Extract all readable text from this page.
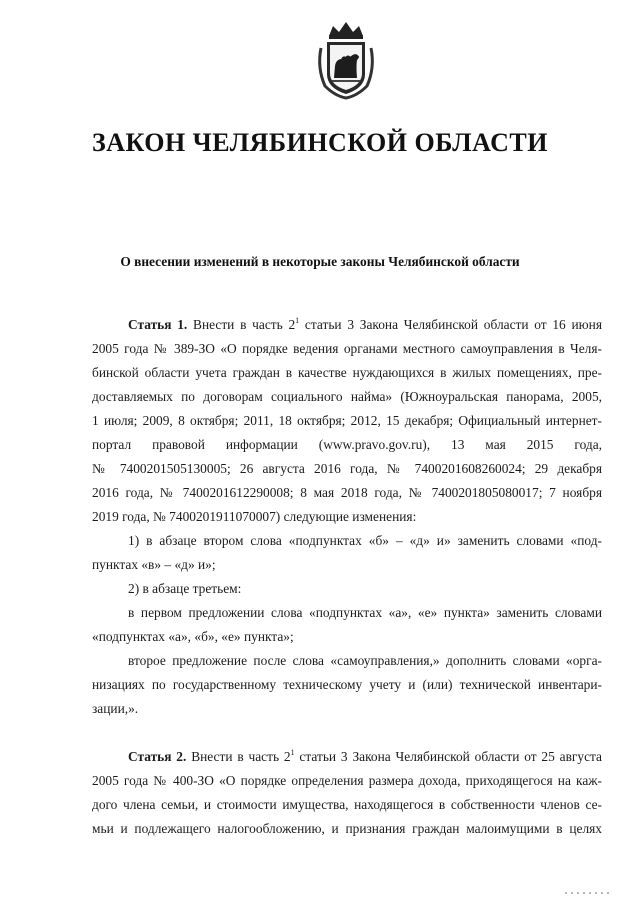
ЗАКОН ЧЕЛЯБИНСКОЙ ОБЛАСТИ
О внесении изменений в некоторые законы Челябинской области
Статья 1. Внести в часть $2^1$ статьи 3 Закона Челябинской области от 16 июня
2005 года № 389-ЗО «О порядке ведения органами местного самоуправления в Челя-
бинской области учета граждан в качестве нуждающихся в жилых помещениях, пре-
доставляемых по договорам социального найма» (Южноуральская панорама, 2005,
1 июля; 2009, 8 октября; 2011, 18 октября; 2012, 15 декабря; Официальный интернет-
портал правовой информации (www.pravo.gov.ru), 13 мая 2015 года,
№ 7400201505130005; 26 августа 2016 года, № 7400201608260024; 29 декабря
2016 года, № 7400201612290008; 8 мая 2018 года, № 7400201805080017; 7 ноября
2019 года, № 7400201911070007) следующие изменения:
1) в абзаце втором слова «подпунктах «б» – «д» и» заменить словами «под-
пунктах «в» – «д» и»;
2) в абзаце третьем:
в первом предложении слова «подпунктах «а», «е» пункта» заменить словами
«подпунктах «а», «б», «е» пункта»;
второе предложение после слова «самоуправления,» дополнить словами «орга-
низациях по государственному техническому учету и (или) технической инвентари-
зации,».
Статья 2. Внести в часть $2^1$ статьи 3 Закона Челябинской области от 25 августа
2005 года № 400-ЗО «О порядке определения размера дохода, приходящегося на каж-
дого члена семьи, и стоимости имущества, находящегося в собственности членов се-
мьи и подлежащего налогообложению, и признания граждан малоимущими в целях
